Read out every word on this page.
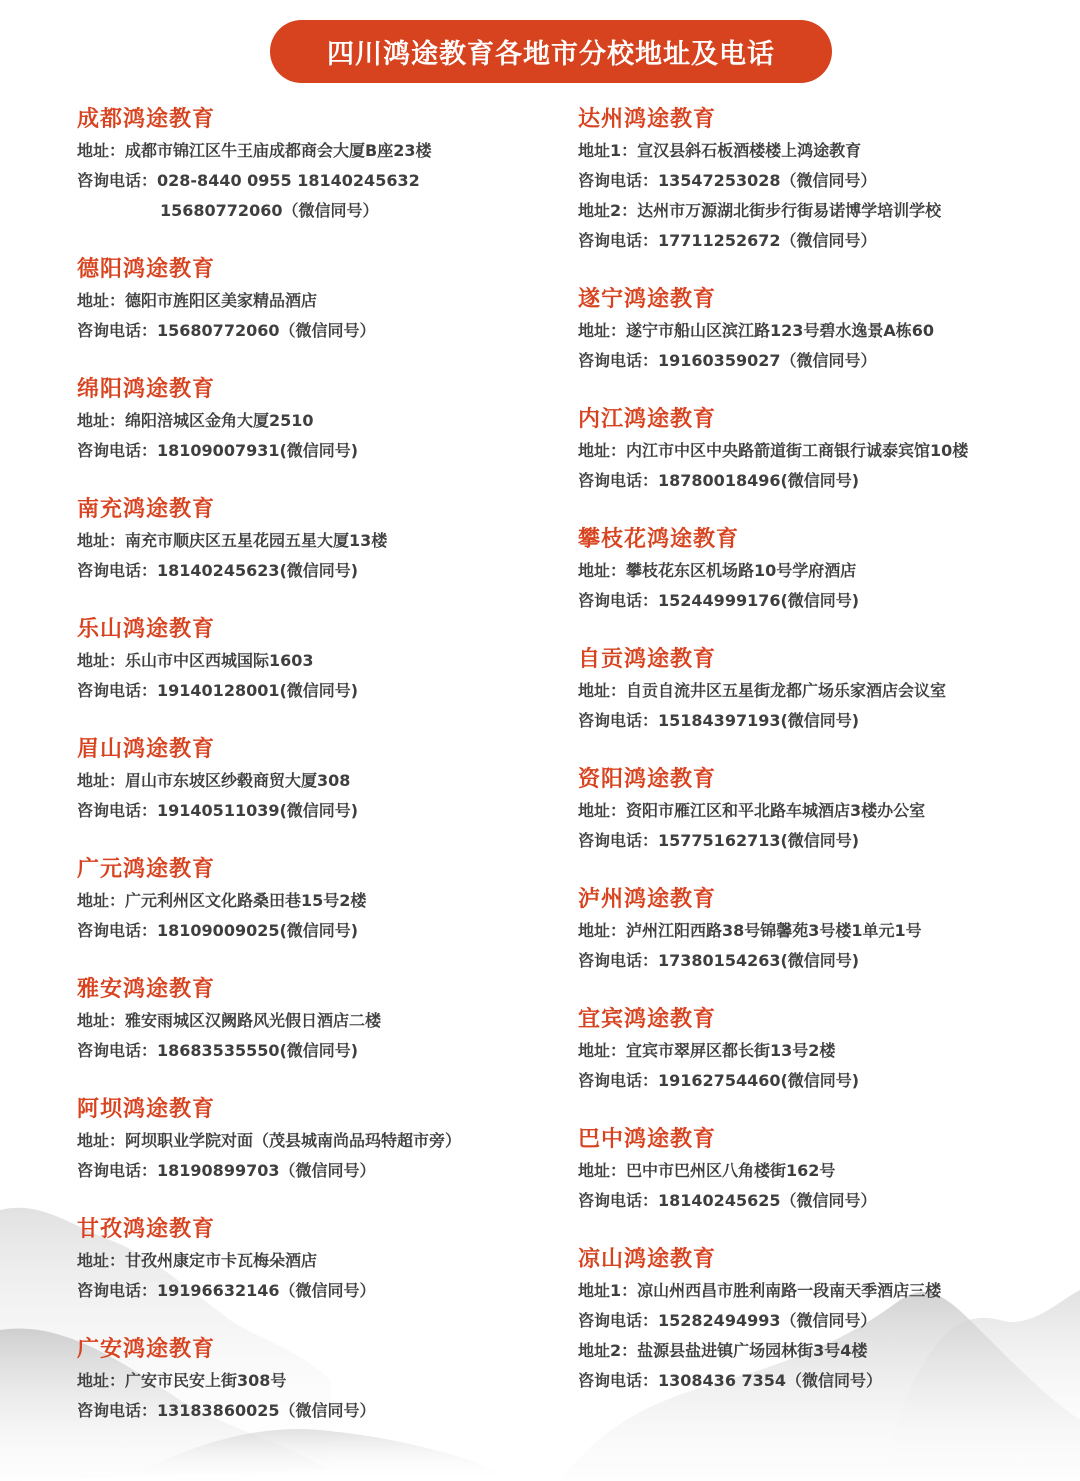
四川鸿途教育各地市分校地址及电话
成都鸿途教育
地址：成都市锦江区牛王庙成都商会大厦B座23楼
咨询电话：028-8440 0955 18140245632
15680772060（微信同号）
德阳鸿途教育
地址：德阳市旌阳区美家精品酒店
咨询电话：15680772060（微信同号）
绵阳鸿途教育
地址：绵阳涪城区金角大厦2510
咨询电话：18109007931(微信同号)
南充鸿途教育
地址：南充市顺庆区五星花园五星大厦13楼
咨询电话：18140245623(微信同号)
乐山鸿途教育
地址：乐山市中区西城国际1603
咨询电话：19140128001(微信同号)
眉山鸿途教育
地址：眉山市东坡区纱毂商贸大厦308
咨询电话：19140511039(微信同号)
广元鸿途教育
地址：广元利州区文化路桑田巷15号2楼
咨询电话：18109009025(微信同号)
雅安鸿途教育
地址：雅安雨城区汉阙路风光假日酒店二楼
咨询电话：18683535550(微信同号)
阿坝鸿途教育
地址：阿坝职业学院对面（茂县城南尚品玛特超市旁）
咨询电话：18190899703（微信同号）
甘孜鸿途教育
地址：甘孜州康定市卡瓦梅朵酒店
咨询电话：19196632146（微信同号）
广安鸿途教育
地址：广安市民安上街308号
咨询电话：13183860025（微信同号）
达州鸿途教育
地址1：宣汉县斜石板酒楼楼上鸿途教育
咨询电话：13547253028（微信同号）
地址2：达州市万源湖北街步行街易诺博学培训学校
咨询电话：17711252672（微信同号）
遂宁鸿途教育
地址：遂宁市船山区滨江路123号碧水逸景A栋60
咨询电话：19160359027（微信同号）
内江鸿途教育
地址：内江市中区中央路箭道街工商银行诚泰宾馆10楼
咨询电话：18780018496(微信同号)
攀枝花鸿途教育
地址：攀枝花东区机场路10号学府酒店
咨询电话：15244999176(微信同号)
自贡鸿途教育
地址：自贡自流井区五星街龙都广场乐家酒店会议室
咨询电话：15184397193(微信同号)
资阳鸿途教育
地址：资阳市雁江区和平北路车城酒店3楼办公室
咨询电话：15775162713(微信同号)
泸州鸿途教育
地址：泸州江阳西路38号锦馨苑3号楼1单元1号
咨询电话：17380154263(微信同号)
宜宾鸿途教育
地址：宜宾市翠屏区都长街13号2楼
咨询电话：19162754460(微信同号)
巴中鸿途教育
地址：巴中市巴州区八角楼街162号
咨询电话：18140245625（微信同号）
凉山鸿途教育
地址1：凉山州西昌市胜利南路一段南天季酒店三楼
咨询电话：15282494993（微信同号）
地址2：盐源县盐进镇广场园林街3号4楼
咨询电话：1308436 7354（微信同号）
